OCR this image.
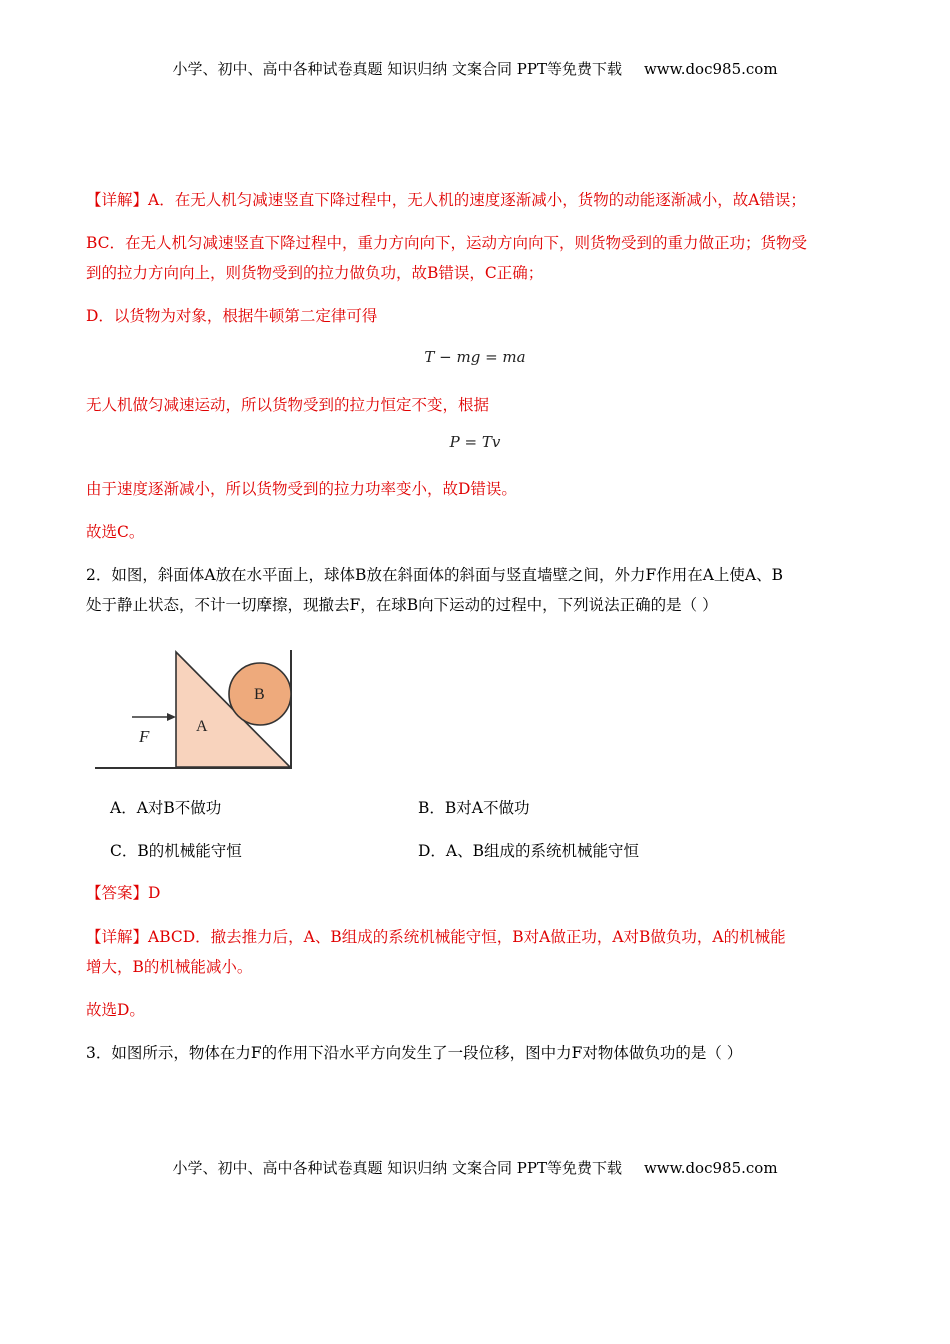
小学、初中、高中各种试卷真题 知识归纳 文案合同 PPT等免费下载 www.doc985.com
【详解】A．在无人机匀减速竖直下降过程中，无人机的速度逐渐减小，货物的动能逐渐减小，故A错误；
BC．在无人机匀减速竖直下降过程中，重力方向向下，运动方向向下，则货物受到的重力做正功；货物受
到的拉力方向向上，则货物受到的拉力做负功，故B错误，C正确；
D．以货物为对象，根据牛顿第二定律可得
T − mg = ma
无人机做匀减速运动，所以货物受到的拉力恒定不变，根据
P = Tv
由于速度逐渐减小，所以货物受到的拉力功率变小，故D错误。
故选C。
2．如图，斜面体A放在水平面上，球体B放在斜面体的斜面与竖直墙壁之间，外力F作用在A上使A、B
处于静止状态，不计一切摩擦，现撤去F，在球B向下运动的过程中，下列说法正确的是（ ）
B
A
F
A．A对B不做功	B．B对A不做功
C．B的机械能守恒	D．A、B组成的系统机械能守恒
【答案】D
【详解】ABCD．撤去推力后，A、B组成的系统机械能守恒，B对A做正功，A对B做负功，A的机械能
增大，B的机械能减小。
故选D。
3．如图所示，物体在力F的作用下沿水平方向发生了一段位移，图中力F对物体做负功的是（ ）
小学、初中、高中各种试卷真题 知识归纳 文案合同 PPT等免费下载 www.doc985.com
